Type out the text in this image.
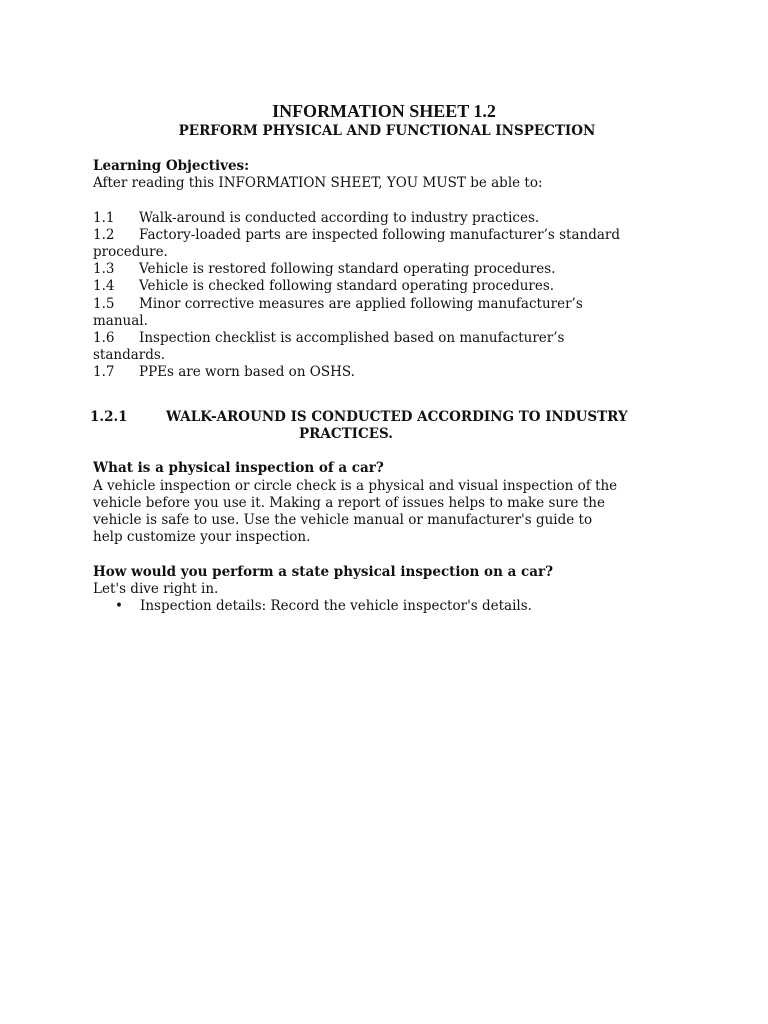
INFORMATION SHEET 1.2
PERFORM PHYSICAL AND FUNCTIONAL INSPECTION

Learning Objectives:

After reading this INFORMATION SHEET, YOU MUST be able to:

1.1 Walk-around is conducted according to industry practices.
1.2 Factory-loaded parts are inspected following manufacturer’s standard
procedure.
1.3 Vehicle is restored following standard operating procedures.
1.4 Vehicle is checked following standard operating procedures.
1.5 Minor corrective measures are applied following manufacturer’s
manual.
1.6 Inspection checklist is accomplished based on manufacturer’s
standards.
1.7 PPEs are worn based on OSHS.
1.2.1	WALK-AROUND IS CONDUCTED ACCORDING TO INDUSTRY
PRACTICES.

What is a physical inspection of a car?

A vehicle inspection or circle check is a physical and visual inspection of the

vehicle before you use it. Making a report of issues helps to make sure the

vehicle is safe to use. Use the vehicle manual or manufacturer's guide to

help customize your inspection.

How would you perform a state physical inspection on a car?

Let's dive right in.

• Inspection details: Record the vehicle inspector's details.
